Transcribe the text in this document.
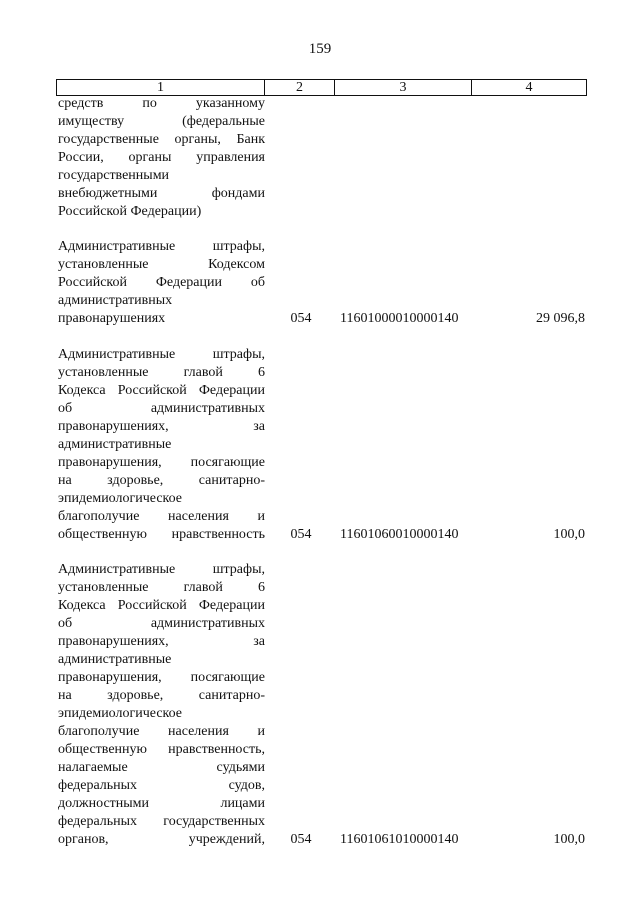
159
1	2	3	4
средств по указанному
имуществу (федеральные
государственные органы, Банк
России, органы управления
государственными
внебюджетными фондами
Российской Федерации)
Административные штрафы,
установленные Кодексом
Российской Федерации об
административных
правонарушениях	054 11601000010000140	29 096,8
Административные штрафы,
установленные главой 6
Кодекса Российской Федерации
об административных
правонарушениях, за
административные
правонарушения, посягающие
на здоровье, санитарно-
эпидемиологическое
благополучие населения и
общественную нравственность 054 11601060010000140	100,0
Административные штрафы,
установленные главой 6
Кодекса Российской Федерации
об административных
правонарушениях, за
административные
правонарушения, посягающие
на здоровье, санитарно-
эпидемиологическое
благополучие населения и
общественную нравственность,
налагаемые судьями
федеральных судов,
должностными лицами
федеральных государственных
органов, учреждений, 054 11601061010000140	100,0
